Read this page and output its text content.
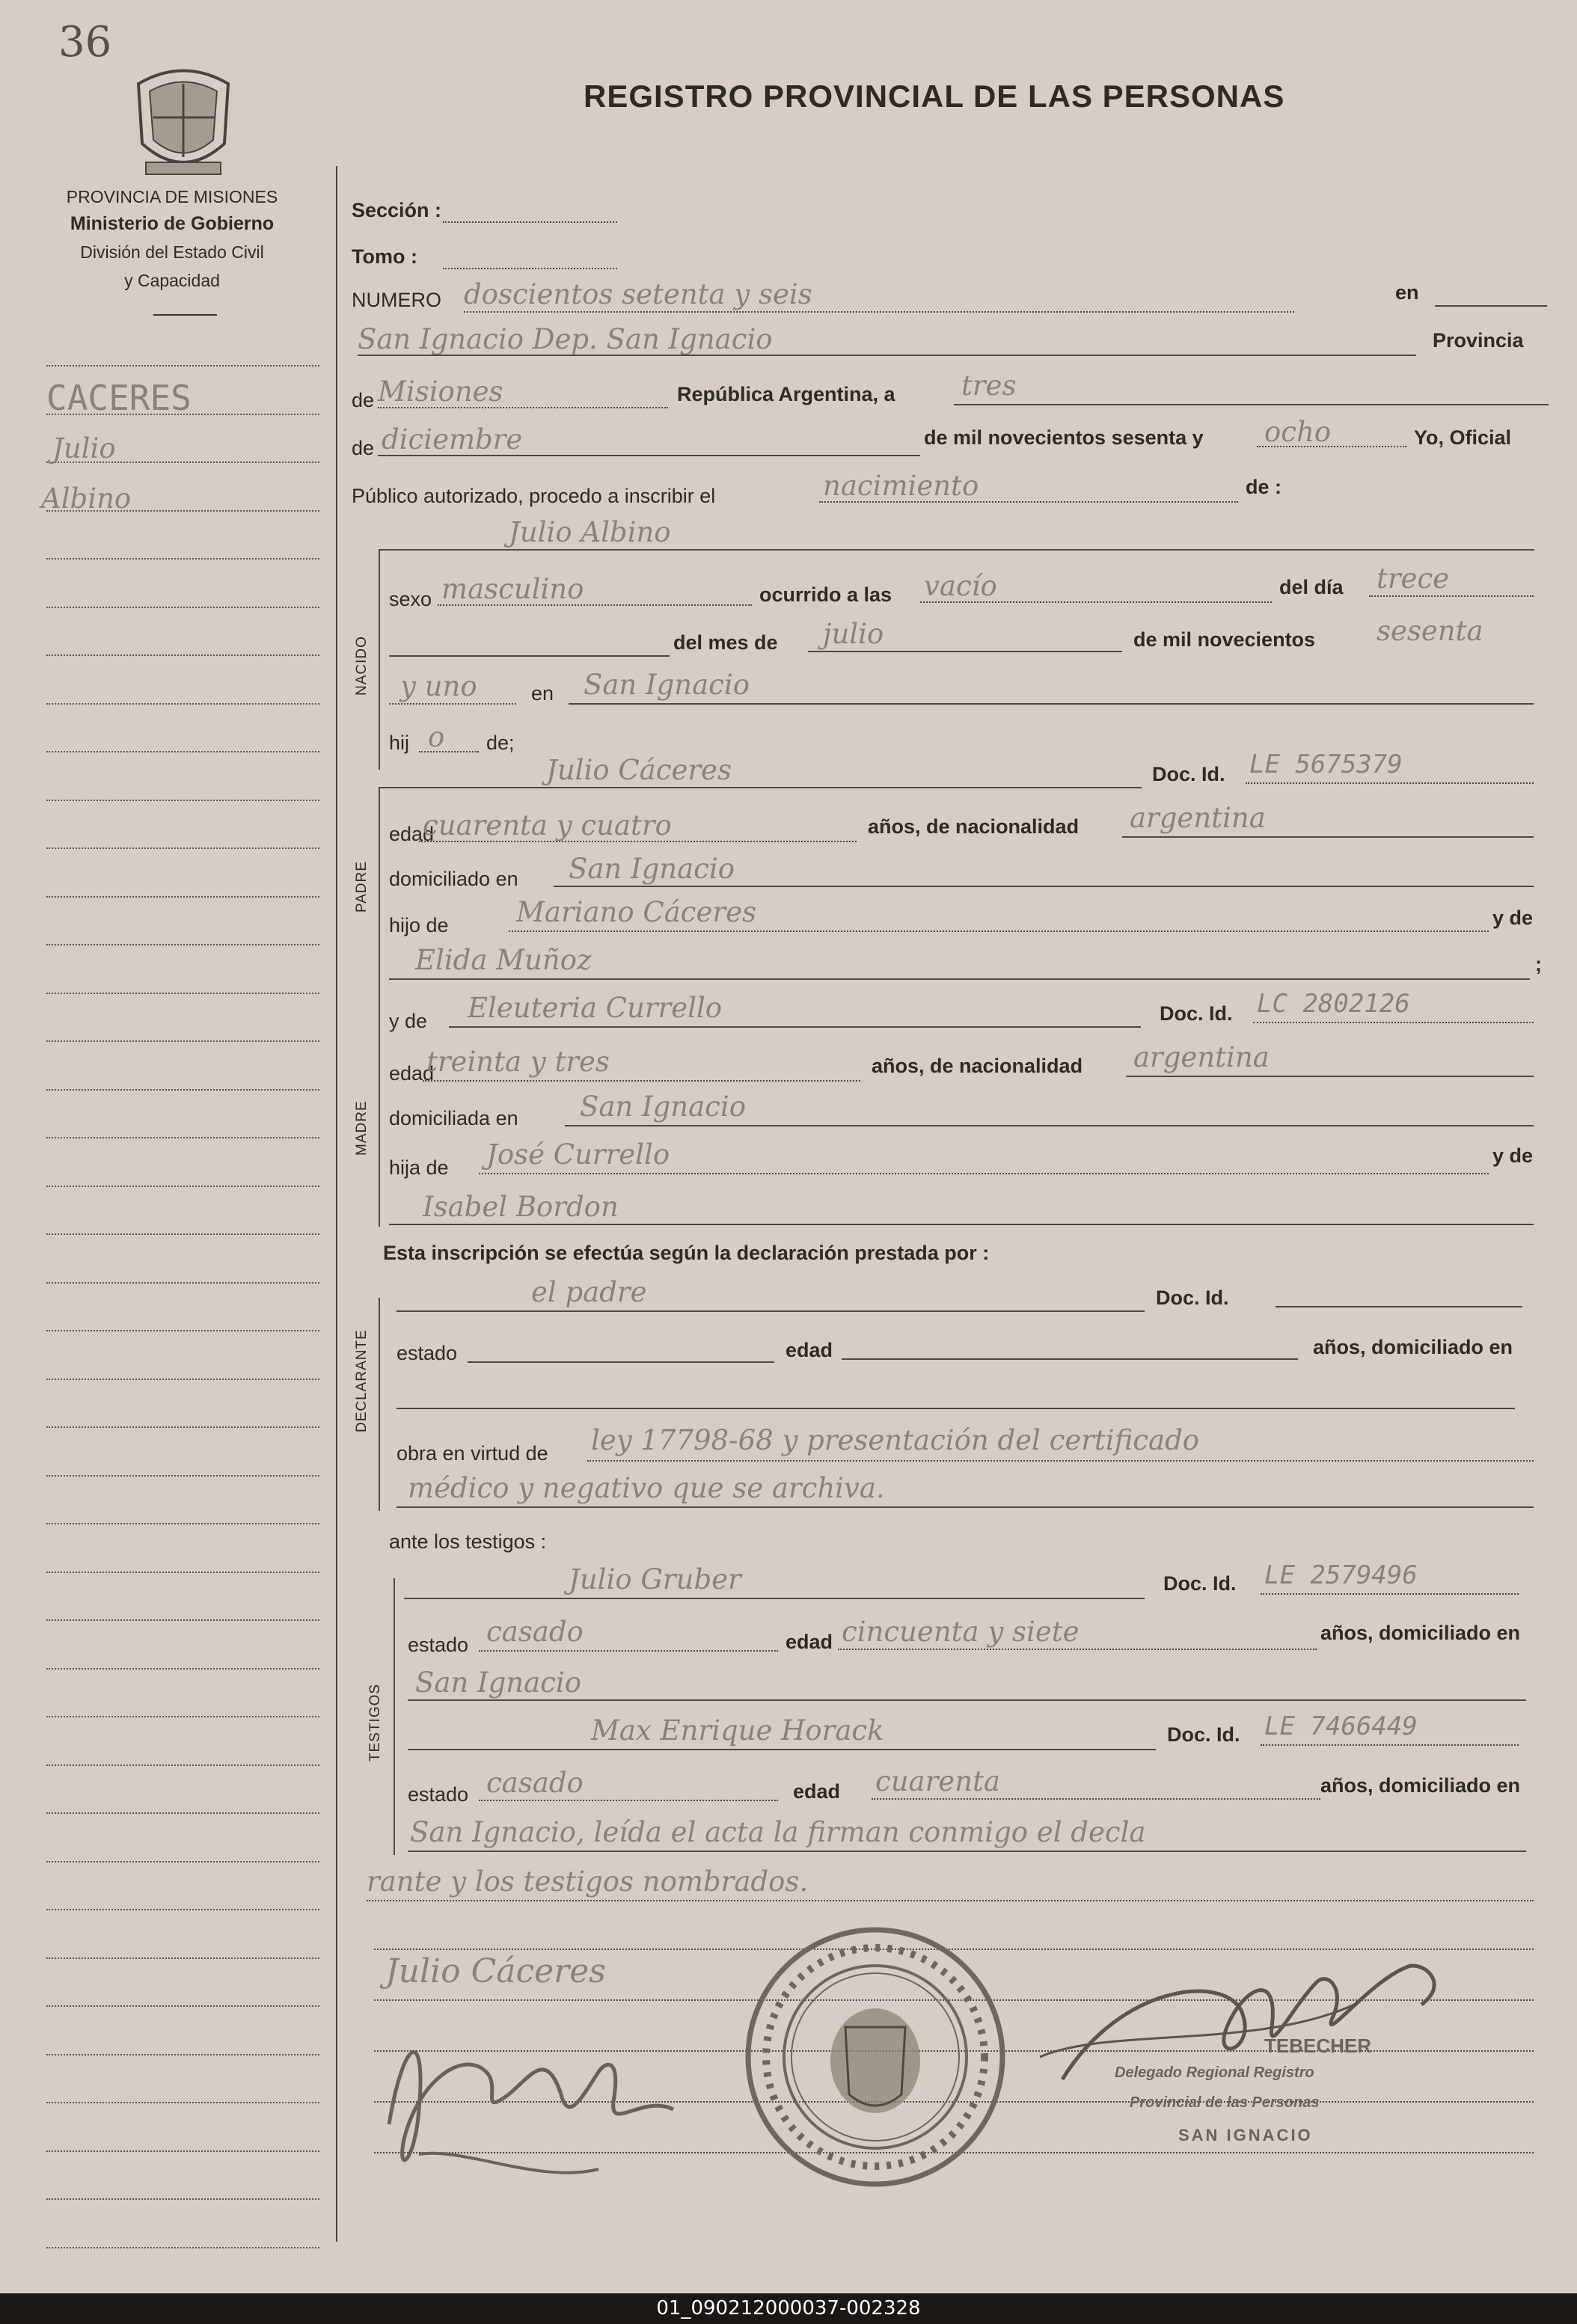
36
REGISTRO PROVINCIAL DE LAS PERSONAS
PROVINCIA DE MISIONES
Ministerio de Gobierno
División del Estado Civil
y Capacidad
CACERES
Julio
Albino
Sección :
Tomo :
NUMERO doscientos setenta y seis	en
San Ignacio Dep. San Ignacio	Provincia
de Misiones	República Argentina, a tres
de diciembre	de mil novecientos sesenta y ocho	Yo, Oficial
Público autorizado, procedo a inscribir el	nacimiento	de :
Julio Albino
NACIDO
sexo masculino	ocurrido a las vacío	del día trece
del mes de julio	de mil novecientos sesenta
y uno	en San Ignacio
hij o de;
Julio Cáceres	Doc. Id. LE 5675379
PADRE
edad
cuarenta y cuatro	años, de nacionalidad argentina
domiciliado en San Ignacio
hijo de Mariano Cáceres	y de
Elida Muñoz	;
y de Eleuteria Currello	Doc. Id. LC 2802126
MADRE
edad
treinta y tres	años, de nacionalidad argentina
domiciliada en San Ignacio
hija de José Currello	y de
Isabel Bordon
Esta inscripción se efectúa según la declaración prestada por :
el padre	Doc. Id.
DECLARANTE estado	edad	años, domiciliado en
obra en virtud de ley 17798-68 y presentación del certificado
médico y negativo que se archiva.
ante los testigos :
Julio Gruber	Doc. Id. LE 2579496
TESTIGOS
estado casado	edad cincuenta y siete	años, domiciliado en
San Ignacio
Max Enrique Horack	Doc. Id. LE 7466449
estado casado	edad cuarenta	años, domiciliado en
San Ignacio, leída el acta la firman conmigo el decla
rante y los testigos nombrados.
Julio Cáceres
TEBECHER
Delegado Regional Registro
Provincial de las Personas
SAN IGNACIO
01_090212000037-002328
